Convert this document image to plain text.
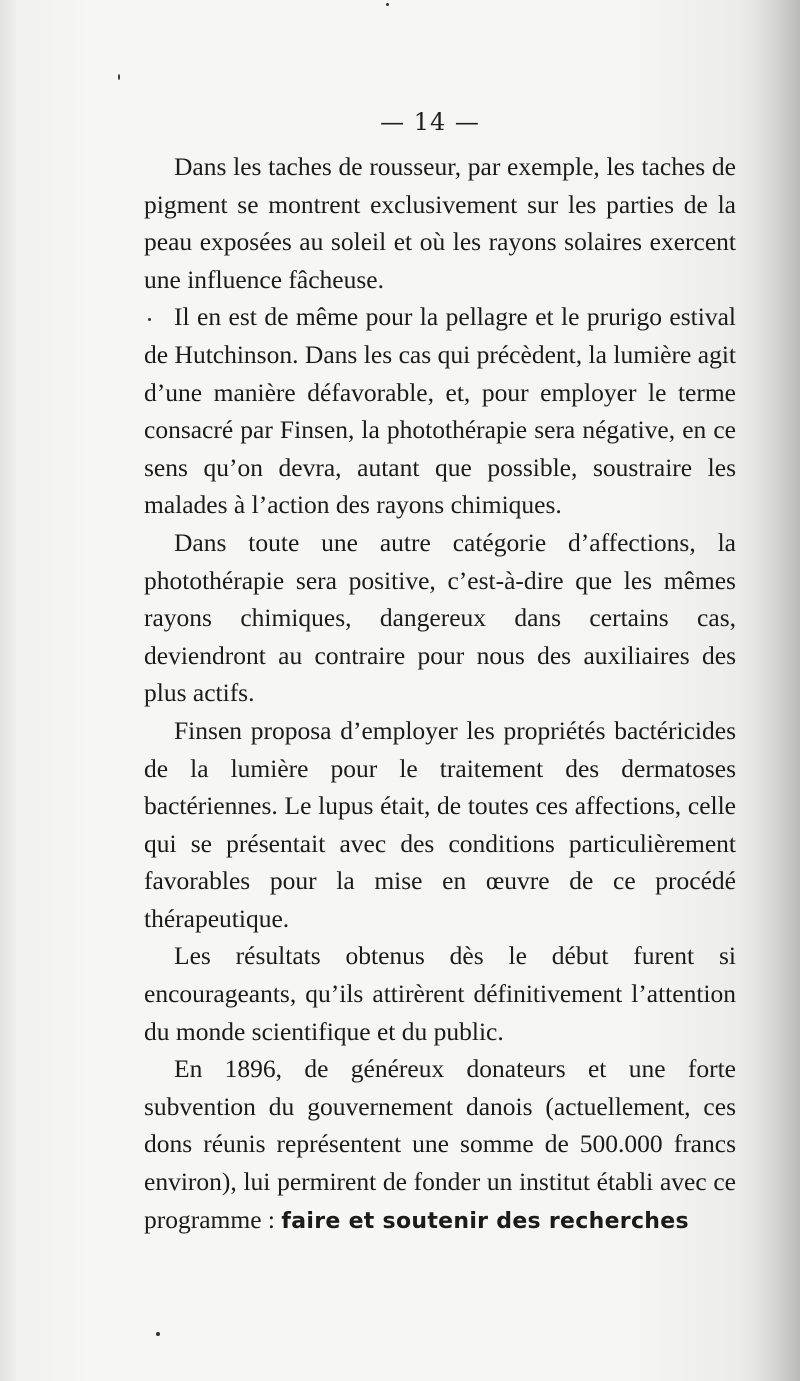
— 14 —

Dans les taches de rousseur, par exemple, les taches de pigment se montrent exclusivement sur les parties de la peau exposées au soleil et où les rayons solaires exercent une influence fâcheuse.

Il en est de même pour la pellagre et le prurigo estival de Hutchinson. Dans les cas qui précèdent, la lumière agit d’une manière défavorable, et, pour employer le terme consacré par Finsen, la photothérapie sera négative, en ce sens qu’on devra, autant que possible, soustraire les malades à l’action des rayons chimiques.

Dans toute une autre catégorie d’affections, la photothérapie sera positive, c’est-à-dire que les mêmes rayons chimiques, dangereux dans certains cas, deviendront au contraire pour nous des auxiliaires des plus actifs.

Finsen proposa d’employer les propriétés bactéricides de la lumière pour le traitement des dermatoses bactériennes. Le lupus était, de toutes ces affections, celle qui se présentait avec des conditions particulièrement favorables pour la mise en œuvre de ce procédé thérapeutique.

Les résultats obtenus dès le début furent si encourageants, qu’ils attirèrent définitivement l’attention du monde scientifique et du public.

En 1896, de généreux donateurs et une forte subvention du gouvernement danois (actuellement, ces dons réunis représentent une somme de 500.000 francs environ), lui permirent de fonder un institut établi avec ce programme : faire et soutenir des recherches
